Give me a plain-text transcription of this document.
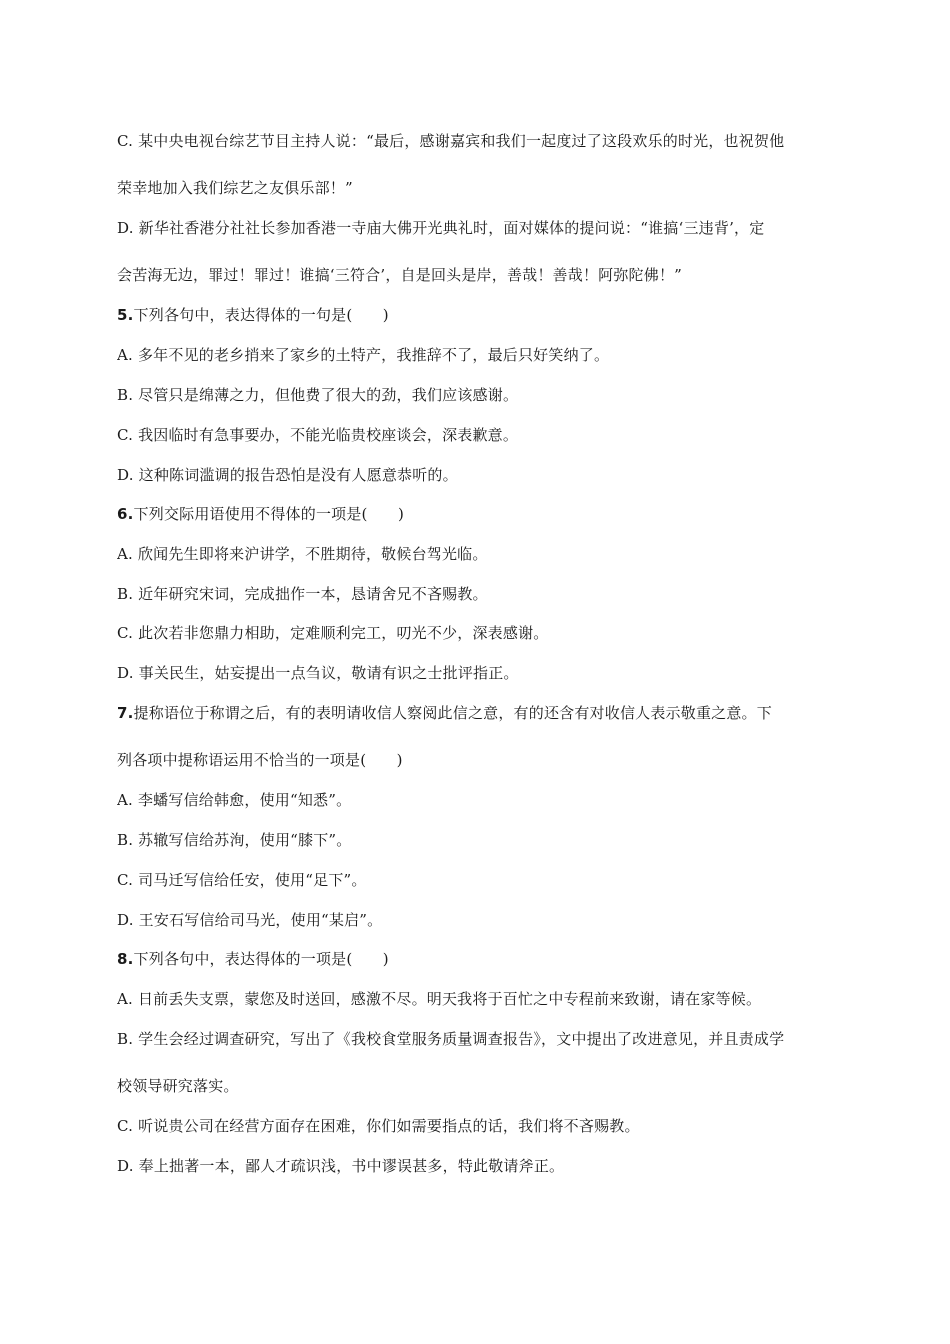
C. 某中央电视台综艺节目主持人说：“最后，感谢嘉宾和我们一起度过了这段欢乐的时光，也祝贺他
荣幸地加入我们综艺之友俱乐部！”
D. 新华社香港分社社长参加香港一寺庙大佛开光典礼时，面对媒体的提问说：“谁搞‘三违背’，定
会苦海无边，罪过！罪过！谁搞‘三符合’，自是回头是岸，善哉！善哉！阿弥陀佛！”
5.下列各句中，表达得体的一句是(　　)
A. 多年不见的老乡捎来了家乡的土特产，我推辞不了，最后只好笑纳了。
B. 尽管只是绵薄之力，但他费了很大的劲，我们应该感谢。
C. 我因临时有急事要办，不能光临贵校座谈会，深表歉意。
D. 这种陈词滥调的报告恐怕是没有人愿意恭听的。
6.下列交际用语使用不得体的一项是(　　)
A. 欣闻先生即将来沪讲学，不胜期待，敬候台驾光临。
B. 近年研究宋词，完成拙作一本，恳请舍兄不吝赐教。
C. 此次若非您鼎力相助，定难顺利完工，叨光不少，深表感谢。
D. 事关民生，姑妄提出一点刍议，敬请有识之士批评指正。
7.提称语位于称谓之后，有的表明请收信人察阅此信之意，有的还含有对收信人表示敬重之意。下
列各项中提称语运用不恰当的一项是(　　)
A. 李蟠写信给韩愈，使用“知悉”。
B. 苏辙写信给苏洵，使用“膝下”。
C. 司马迁写信给任安，使用“足下”。
D. 王安石写信给司马光，使用“某启”。
8.下列各句中，表达得体的一项是(　　)
A. 日前丢失支票，蒙您及时送回，感激不尽。明天我将于百忙之中专程前来致谢，请在家等候。
B. 学生会经过调查研究，写出了《我校食堂服务质量调查报告》，文中提出了改进意见，并且责成学
校领导研究落实。
C. 听说贵公司在经营方面存在困难，你们如需要指点的话，我们将不吝赐教。
D. 奉上拙著一本，鄙人才疏识浅，书中谬误甚多，特此敬请斧正。
